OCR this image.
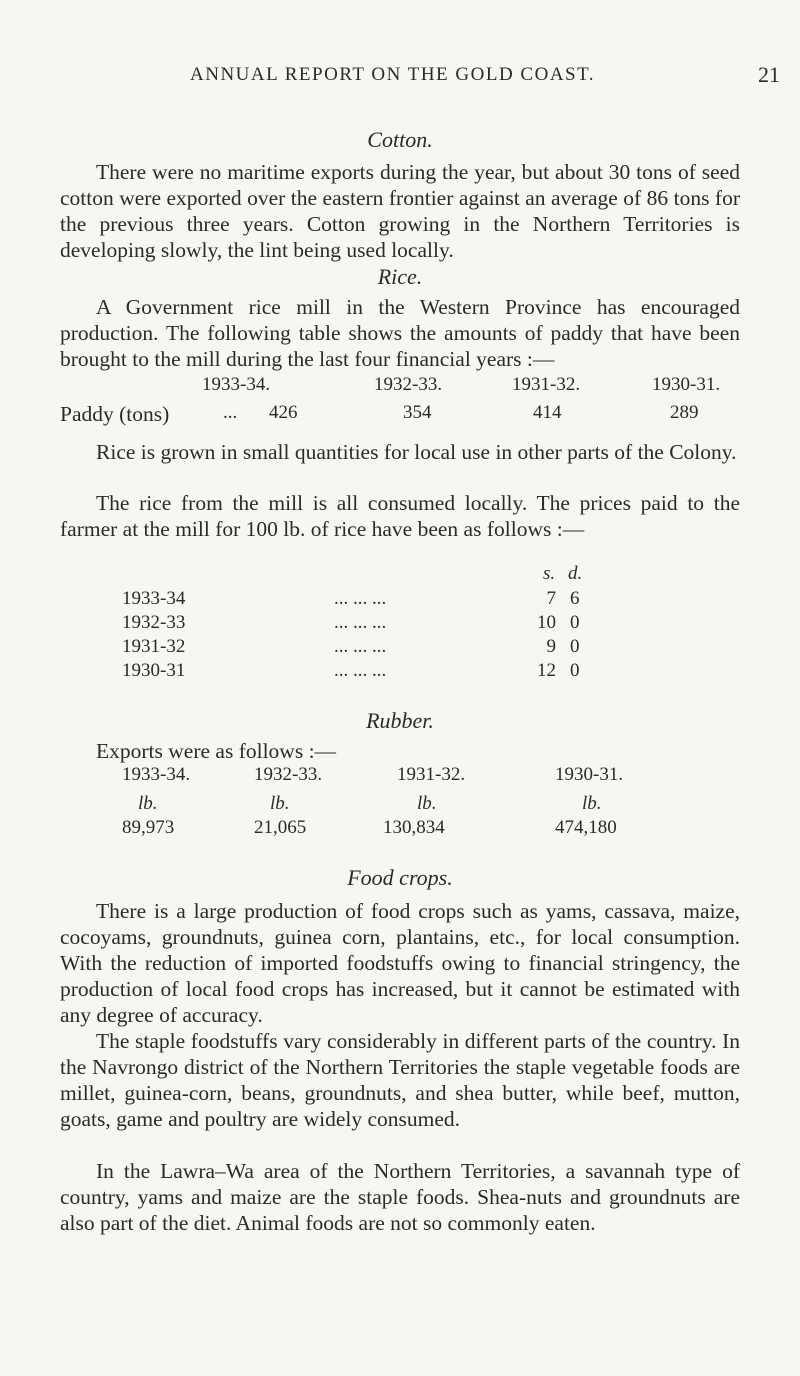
ANNUAL REPORT ON THE GOLD COAST.	21
Cotton.

There were no maritime exports during the year, but about 30 tons of seed cotton were exported over the eastern frontier against an average of 86 tons for the previous three years. Cotton growing in the Northern Territories is developing slowly, the lint being used locally.

Rice.

A Government rice mill in the Western Province has encouraged production. The following table shows the amounts of paddy that have been brought to the mill during the last four financial years :—

1933-34.	1932-33.	1931-32.	1930-31.
Paddy (tons)	... 426	354	414	289

Rice is grown in small quantities for local use in other parts of the Colony.

The rice from the mill is all consumed locally. The prices paid to the farmer at the mill for 100 lb. of rice have been as follows :—

s. d.
1933-34	... ... ...	7 6
1932-33	... ... ...	10 0
1931-32	... ... ...	9 0
1930-31	... ... ...	12 0
Rubber.

Exports were as follows :—

1933-34.	1932-33.	1931-32.	1930-31.
lb.	lb.	lb.	lb.
89,973	21,065	130,834	474,180
Food crops.

There is a large production of food crops such as yams, cassava, maize, cocoyams, groundnuts, guinea corn, plantains, etc., for local consumption. With the reduction of imported foodstuffs owing to financial stringency, the production of local food crops has increased, but it cannot be estimated with any degree of accuracy.

The staple foodstuffs vary considerably in different parts of the country. In the Navrongo district of the Northern Territories the staple vegetable foods are millet, guinea-corn, beans, groundnuts, and shea butter, while beef, mutton, goats, game and poultry are widely consumed.

In the Lawra–Wa area of the Northern Territories, a savannah type of country, yams and maize are the staple foods. Shea-nuts and groundnuts are also part of the diet. Animal foods are not so commonly eaten.
